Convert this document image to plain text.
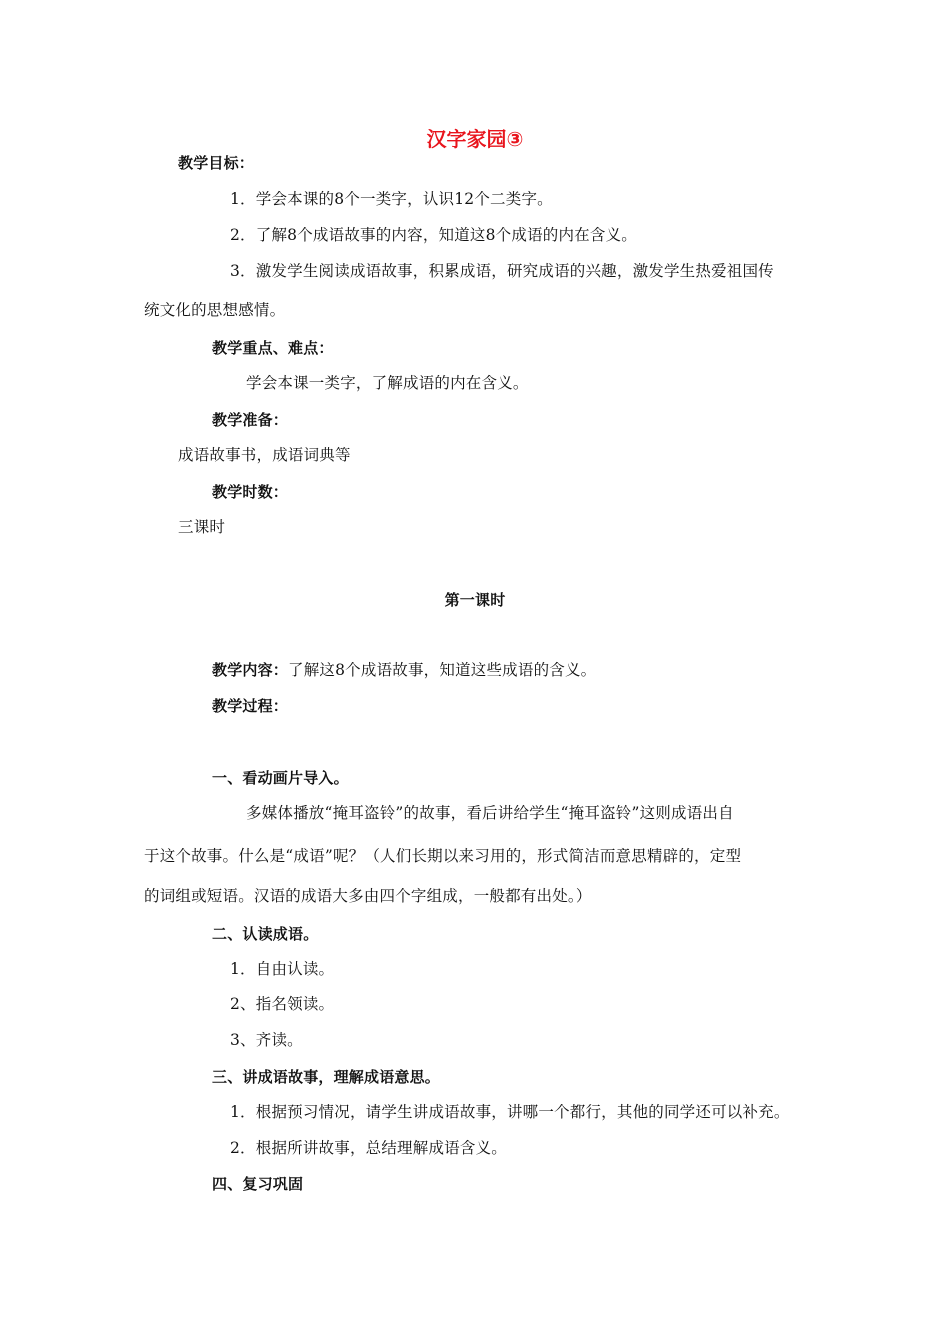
汉字家园③
教学目标：
1．学会本课的8个一类字，认识12个二类字。
2．了解8个成语故事的内容，知道这8个成语的内在含义。
3．激发学生阅读成语故事，积累成语，研究成语的兴趣，激发学生热爱祖国传
统文化的思想感情。
教学重点、难点：
学会本课一类字，了解成语的内在含义。
教学准备：
成语故事书，成语词典等
教学时数：
三课时
第一课时
教学内容：了解这8个成语故事，知道这些成语的含义。
教学过程：
一、看动画片导入。
多媒体播放“掩耳盗铃”的故事，看后讲给学生“掩耳盗铃”这则成语出自
于这个故事。什么是“成语”呢？（人们长期以来习用的，形式简洁而意思精辟的，定型
的词组或短语。汉语的成语大多由四个字组成，一般都有出处。）
二、认读成语。
1．自由认读。
2、指名领读。
3、齐读。
三、讲成语故事，理解成语意思。
1．根据预习情况，请学生讲成语故事，讲哪一个都行，其他的同学还可以补充。
2．根据所讲故事，总结理解成语含义。
四、复习巩固
